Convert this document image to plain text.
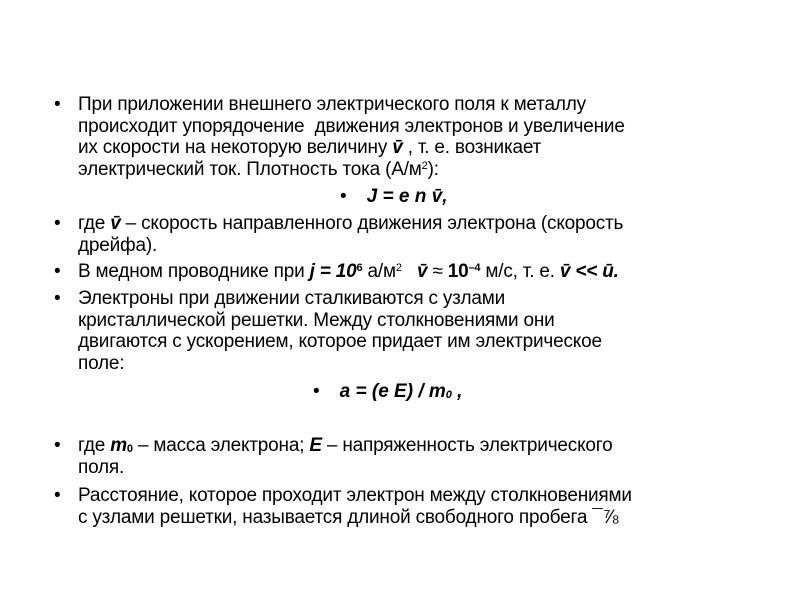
• При приложении внешнего электрического поля к металлу
происходит упорядочение  движения электронов и увеличение
их скорости на некоторую величину v̄ , т. е. возникает
электрический ток. Плотность тока $(А/м^2)$:
• J = e n v̄,
• где v̄ – скорость направленного движения электрона (скорость
дрейфа).
• В медном проводнике при $j = 10^6$ $а/м^2$ v̄ ≈ $10^{-4}$ м/с, т. е. v̄ << ū.
• Электроны при движении сталкиваются с узлами
кристаллической решетки. Между столкновениями они
двигаются с ускорением, которое придает им электрическое
поле:
• a = (e $E) / m_0$ ,
• где $m_0$ – масса электрона; E – напряженность электрического
поля.
• Расстояние, которое проходит электрон между столкновениями
с узлами решетки, называется длиной свободного пробега ¯⅞
